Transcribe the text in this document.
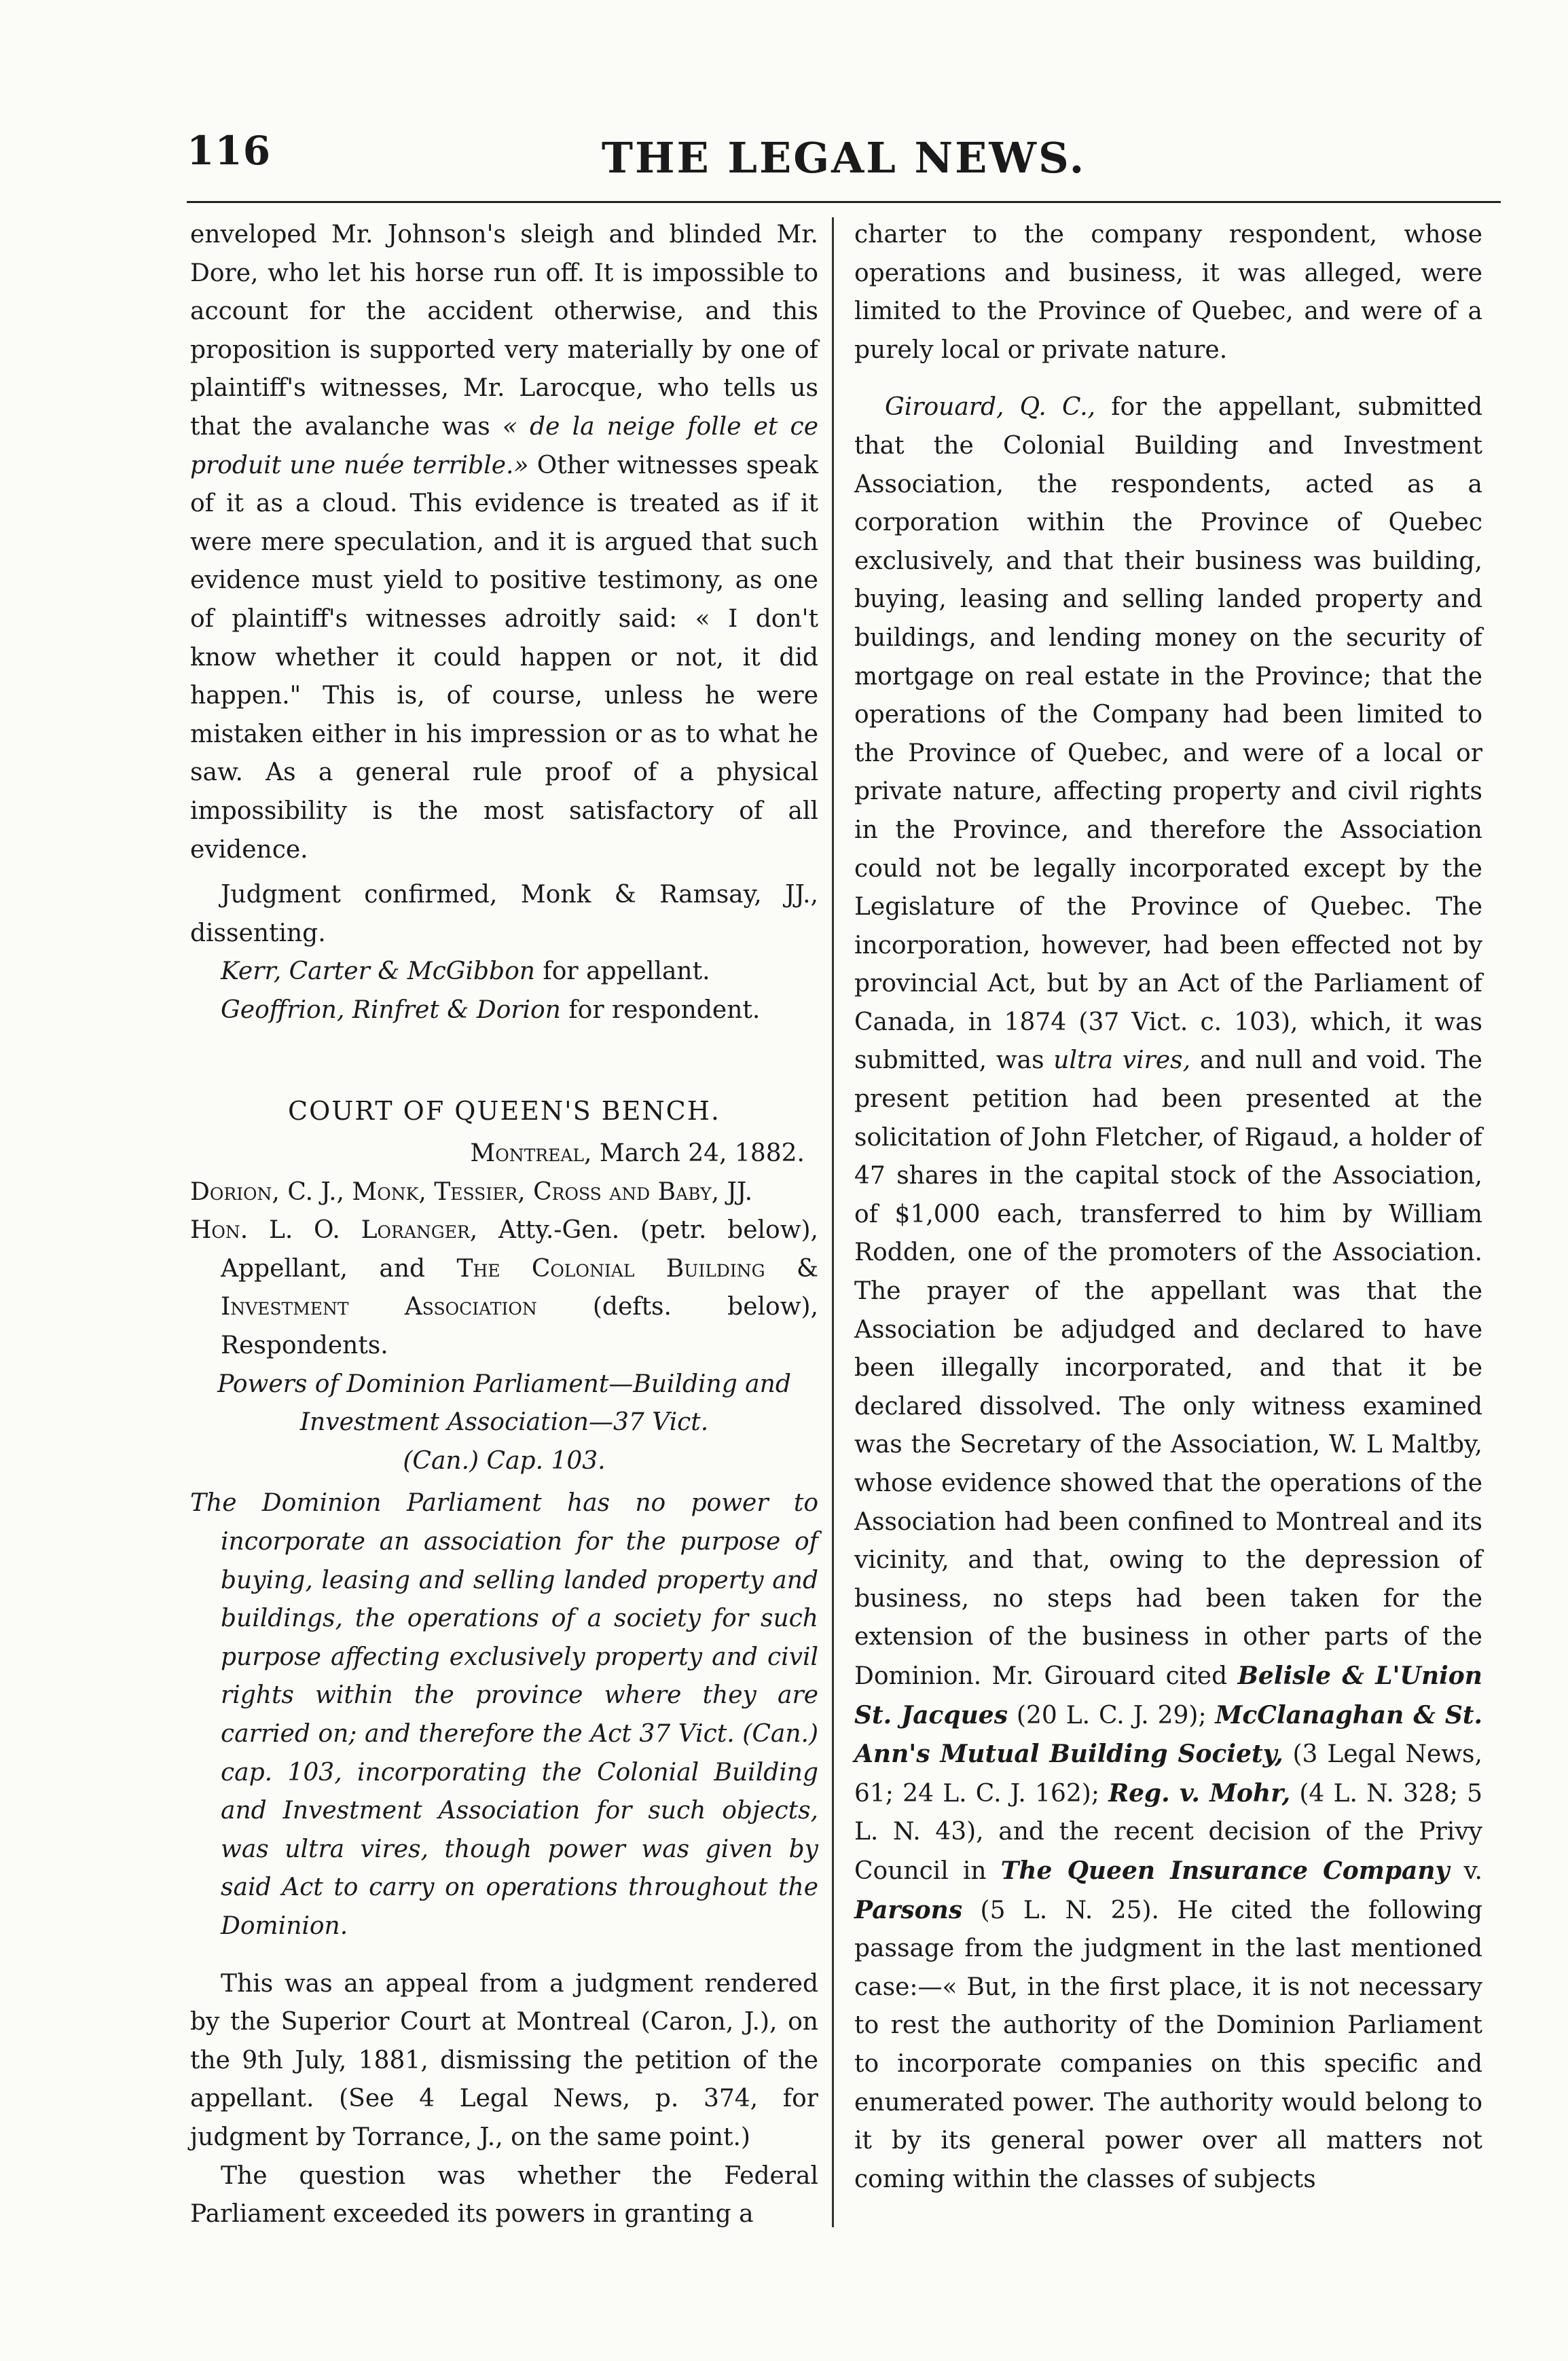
116	THE LEGAL NEWS.

enveloped Mr. Johnson's sleigh and blinded Mr. Dore, who let his horse run off. It is impossible to account for the accident otherwise, and this proposition is supported very materially by one of plaintiff's witnesses, Mr. Larocque, who tells us that the avalanche was « de la neige folle et ce produit une nuée terrible.» Other witnesses speak of it as a cloud. This evidence is treated as if it were mere speculation, and it is argued that such evidence must yield to positive testimony, as one of plaintiff's witnesses adroitly said: « I don't know whether it could happen or not, it did happen." This is, of course, unless he were mistaken either in his impression or as to what he saw. As a general rule proof of a physical impossibility is the most satisfactory of all evidence.

Judgment confirmed, Monk & Ramsay, JJ., dissenting.

Kerr, Carter & McGibbon for appellant.

Geoffrion, Rinfret & Dorion for respondent.

COURT OF QUEEN'S BENCH.

Montreal, March 24, 1882.

Dorion, C. J., Monk, Tessier, Cross and Baby, JJ.

Hon. L. O. Loranger, Atty.-Gen. (petr. below), Appellant, and The Colonial Building & Investment Association (defts. below), Respondents.

Powers of Dominion Parliament—Building and Investment Association—37 Vict.

(Can.) Cap. 103.

The Dominion Parliament has no power to incorporate an association for the purpose of buying, leasing and selling landed property and buildings, the operations of a society for such purpose affecting exclusively property and civil rights within the province where they are carried on; and therefore the Act 37 Vict. (Can.) cap. 103, incorporating the Colonial Building and Investment Association for such objects, was ultra vires, though power was given by said Act to carry on operations throughout the Dominion.

This was an appeal from a judgment rendered by the Superior Court at Montreal (Caron, J.), on the 9th July, 1881, dismissing the petition of the appellant. (See 4 Legal News, p. 374, for judgment by Torrance, J., on the same point.)

The question was whether the Federal Parliament exceeded its powers in granting a

charter to the company respondent, whose operations and business, it was alleged, were limited to the Province of Quebec, and were of a purely local or private nature.

Girouard, Q. C., for the appellant, submitted that the Colonial Building and Investment Association, the respondents, acted as a corporation within the Province of Quebec exclusively, and that their business was building, buying, leasing and selling landed property and buildings, and lending money on the security of mortgage on real estate in the Province; that the operations of the Company had been limited to the Province of Quebec, and were of a local or private nature, affecting property and civil rights in the Province, and therefore the Association could not be legally incorporated except by the Legislature of the Province of Quebec. The incorporation, however, had been effected not by provincial Act, but by an Act of the Parliament of Canada, in 1874 (37 Vict. c. 103), which, it was submitted, was ultra vires, and null and void. The present petition had been presented at the solicitation of John Fletcher, of Rigaud, a holder of 47 shares in the capital stock of the Association, of $1,000 each, transferred to him by William Rodden, one of the promoters of the Association. The prayer of the appellant was that the Association be adjudged and declared to have been illegally incorporated, and that it be declared dissolved. The only witness examined was the Secretary of the Association, W. L Maltby, whose evidence showed that the operations of the Association had been confined to Montreal and its vicinity, and that, owing to the depression of business, no steps had been taken for the extension of the business in other parts of the Dominion. Mr. Girouard cited Belisle & L'Union St. Jacques (20 L. C. J. 29); McClanaghan & St. Ann's Mutual Building Society, (3 Legal News, 61; 24 L. C. J. 162); Reg. v. Mohr, (4 L. N. 328; 5 L. N. 43), and the recent decision of the Privy Council in The Queen Insurance Company v. Parsons (5 L. N. 25). He cited the following passage from the judgment in the last mentioned case:—« But, in the first place, it is not necessary to rest the authority of the Dominion Parliament to incorporate companies on this specific and enumerated power. The authority would belong to it by its general power over all matters not coming within the classes of subjects
